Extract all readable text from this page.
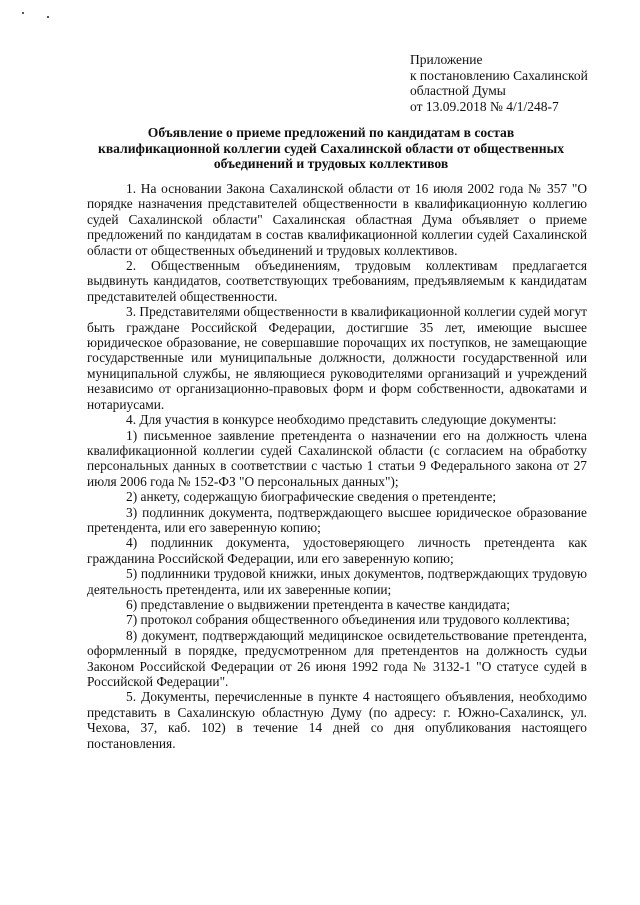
Приложение
к постановлению Сахалинской
областной Думы
от 13.09.2018 № 4/1/248-7
Объявление о приеме предложений по кандидатам в состав квалификационной коллегии судей Сахалинской области от общественных объединений и трудовых коллективов

1. На основании Закона Сахалинской области от 16 июля 2002 года № 357 "О порядке назначения представителей общественности в квалификационную коллегию судей Сахалинской области" Сахалинская областная Дума объявляет о приеме предложений по кандидатам в состав квалификационной коллегии судей Сахалинской области от общественных объединений и трудовых коллективов.

2. Общественным объединениям, трудовым коллективам предлагается выдвинуть кандидатов, соответствующих требованиям, предъявляемым к кандидатам представителей общественности.

3. Представителями общественности в квалификационной коллегии судей могут быть граждане Российской Федерации, достигшие 35 лет, имеющие высшее юридическое образование, не совершавшие порочащих их поступков, не замещающие государственные или муниципальные должности, должности государственной или муниципальной службы, не являющиеся руководителями организаций и учреждений независимо от организационно-правовых форм и форм собственности, адвокатами и нотариусами.

4. Для участия в конкурсе необходимо представить следующие документы:

1) письменное заявление претендента о назначении его на должность члена квалификационной коллегии судей Сахалинской области (с согласием на обработку персональных данных в соответствии с частью 1 статьи 9 Федерального закона от 27 июля 2006 года № 152-ФЗ "О персональных данных");

2) анкету, содержащую биографические сведения о претенденте;

3) подлинник документа, подтверждающего высшее юридическое образование претендента, или его заверенную копию;

4) подлинник документа, удостоверяющего личность претендента как гражданина Российской Федерации, или его заверенную копию;

5) подлинники трудовой книжки, иных документов, подтверждающих трудовую деятельность претендента, или их заверенные копии;

6) представление о выдвижении претендента в качестве кандидата;

7) протокол собрания общественного объединения или трудового коллектива;

8) документ, подтверждающий медицинское освидетельствование претендента, оформленный в порядке, предусмотренном для претендентов на должность судьи Законом Российской Федерации от 26 июня 1992 года № 3132-1 "О статусе судей в Российской Федерации".

5. Документы, перечисленные в пункте 4 настоящего объявления, необходимо представить в Сахалинскую областную Думу (по адресу: г. Южно-Сахалинск, ул. Чехова, 37, каб. 102) в течение 14 дней со дня опубликования настоящего постановления.
